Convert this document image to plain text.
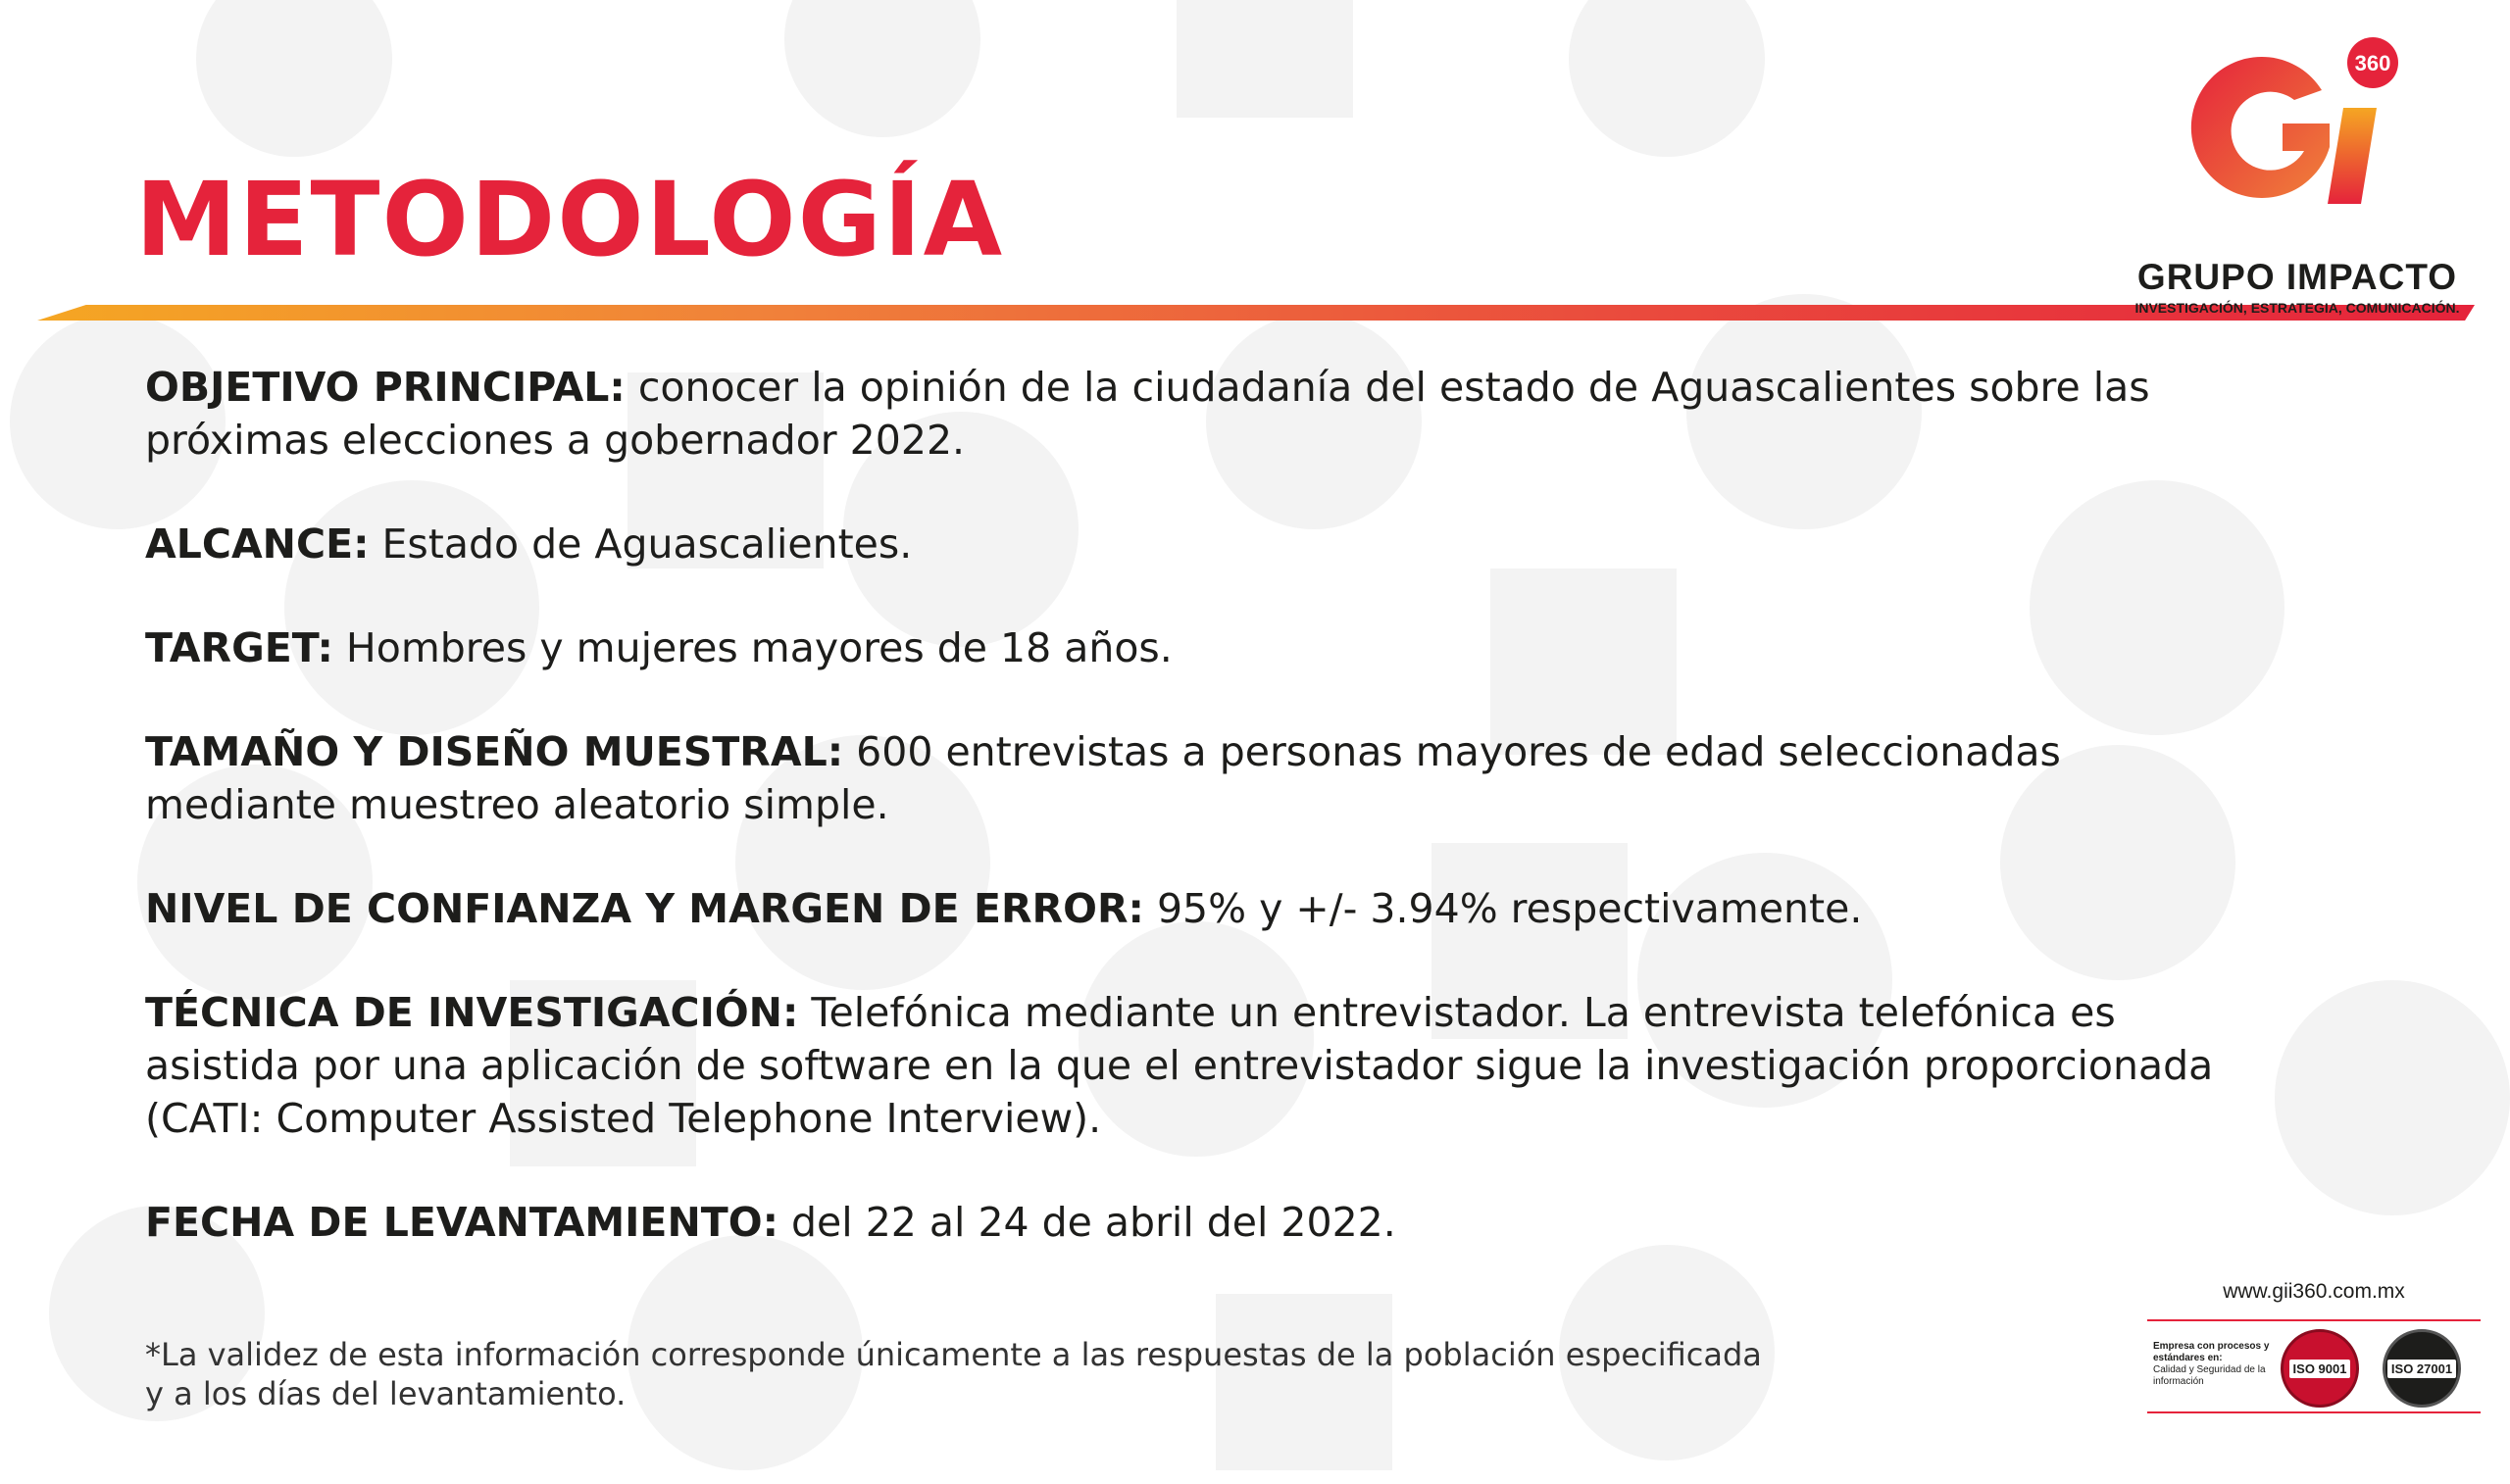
METODOLOGÍA
360
GRUPO IMPACTO
INVESTIGACIÓN, ESTRATEGIA, COMUNICACIÓN.

OBJETIVO PRINCIPAL: conocer la opinión de la ciudadanía del estado de Aguascalientes sobre las próximas elecciones a gobernador 2022.

ALCANCE: Estado de Aguascalientes.

TARGET: Hombres y mujeres mayores de 18 años.

TAMAÑO Y DISEÑO MUESTRAL: 600 entrevistas a personas mayores de edad seleccionadas mediante muestreo aleatorio simple.

NIVEL DE CONFIANZA Y MARGEN DE ERROR: 95% y +/- 3.94% respectivamente.

TÉCNICA DE INVESTIGACIÓN: Telefónica mediante un entrevistador. La entrevista telefónica es asistida por una aplicación de software en la que el entrevistador sigue la investigación proporcionada (CATI: Computer Assisted Telephone Interview).

FECHA DE LEVANTAMIENTO: del 22 al 24 de abril del 2022.

*La validez de esta información corresponde únicamente a las respuestas de la población especificada
y a los días del levantamiento.
www.gii360.com.mx
Empresa con procesos y estándares en:
Calidad y Seguridad de la información
ISO 9001	ISO 27001
